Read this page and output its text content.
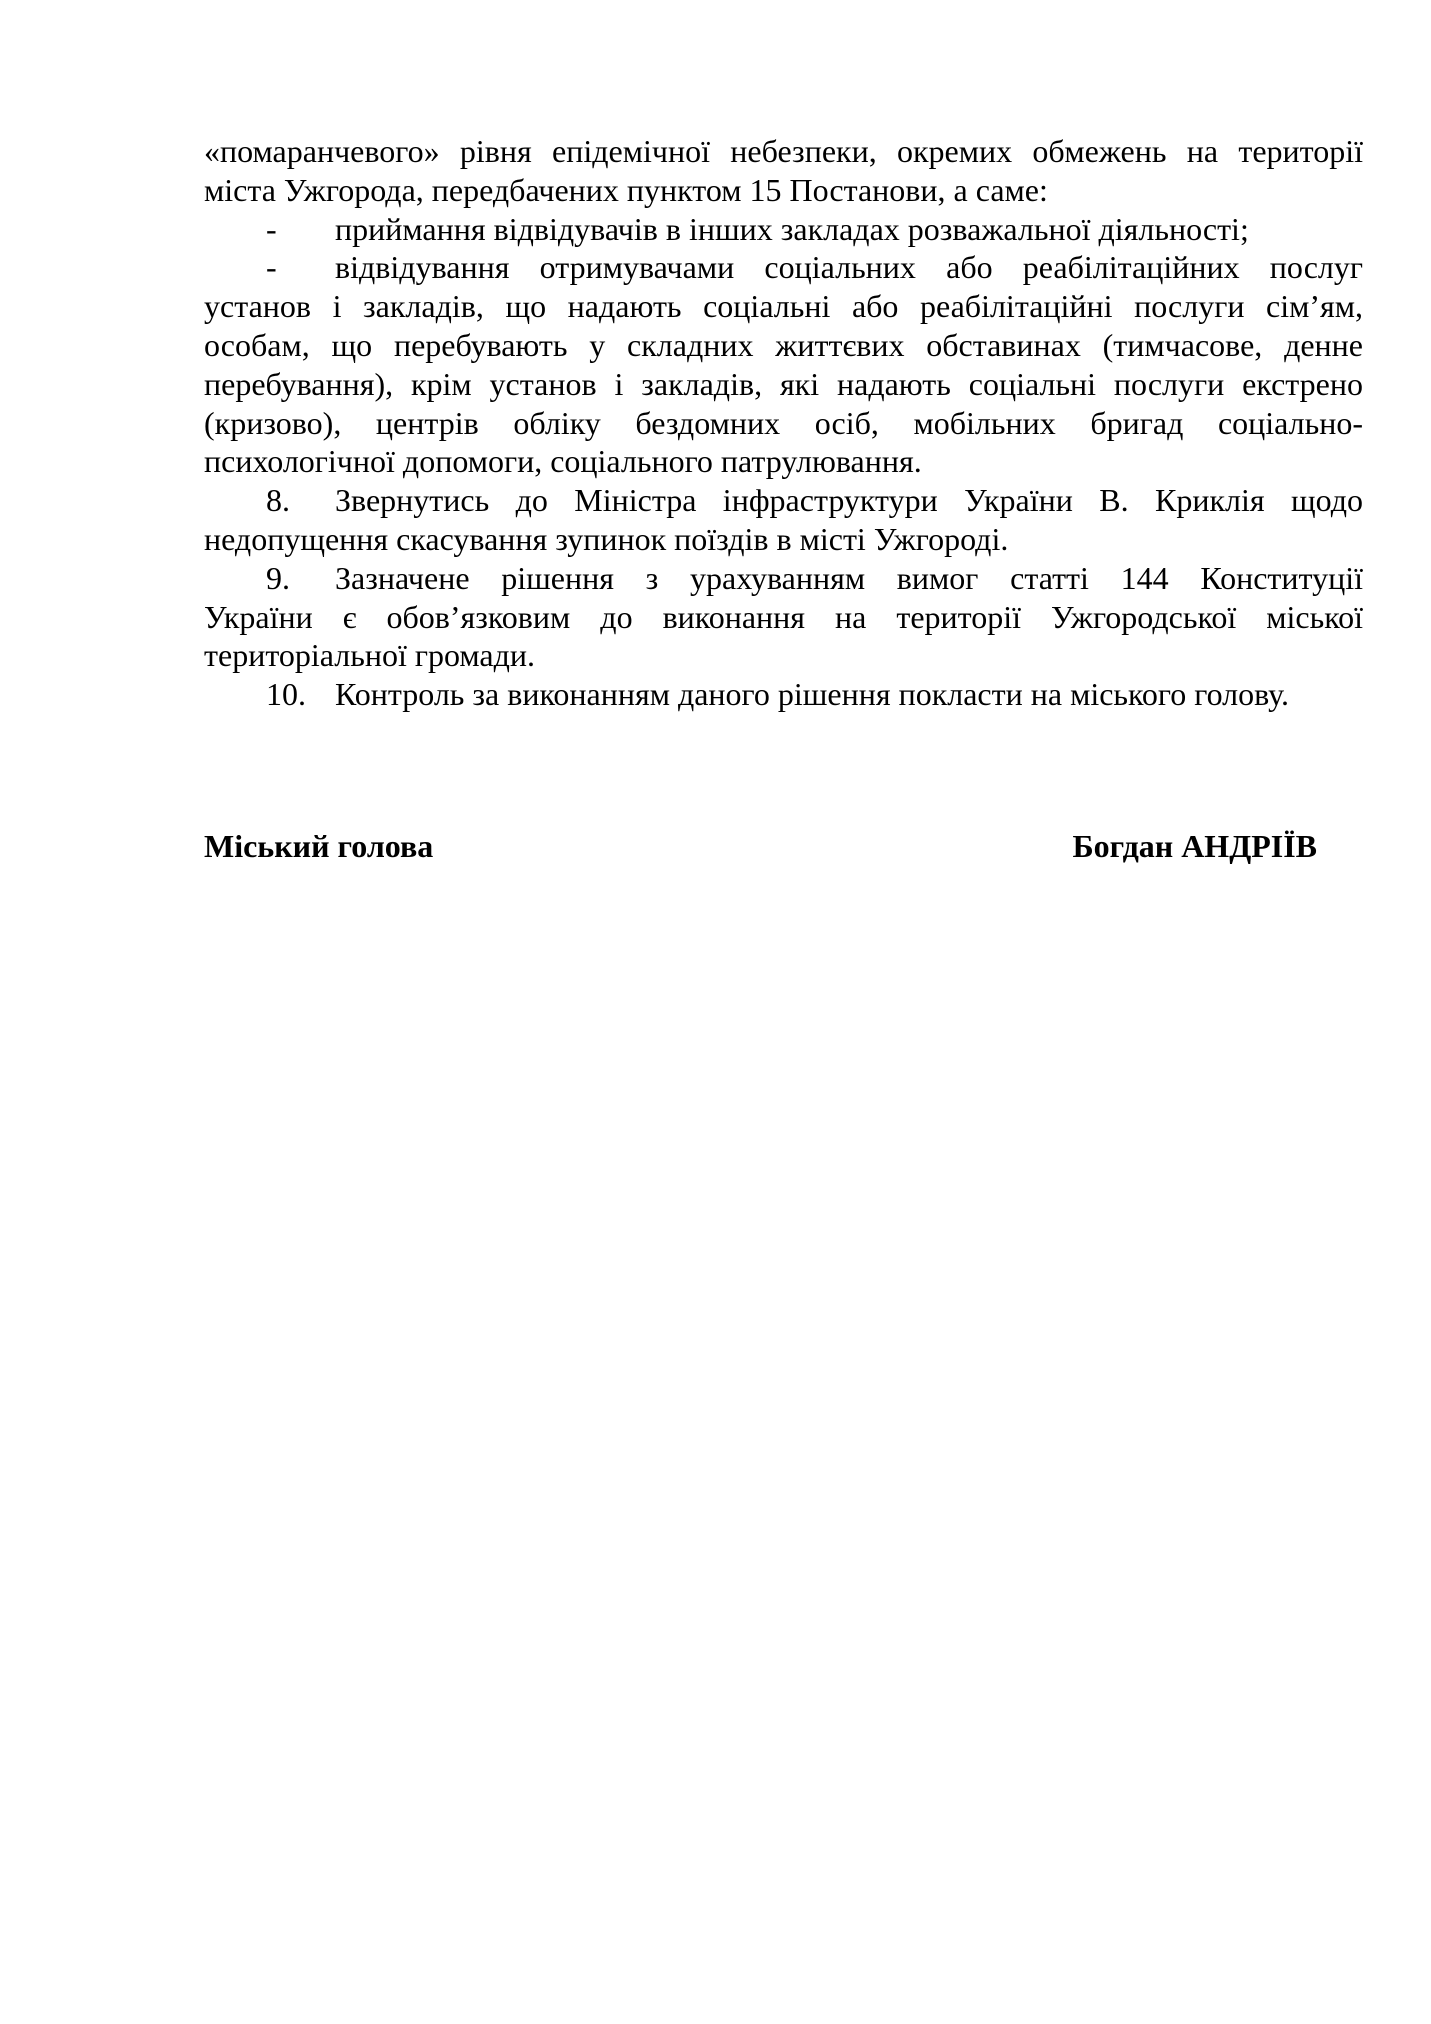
«помаранчевого» рівня епідемічної небезпеки, окремих обмежень на території
міста Ужгорода, передбачених пунктом 15 Постанови, а саме:
- приймання відвідувачів в інших закладах розважальної діяльності;
- відвідування отримувачами соціальних або реабілітаційних послуг
установ і закладів, що надають соціальні або реабілітаційні послуги сім’ям,
особам, що перебувають у складних життєвих обставинах (тимчасове, денне
перебування), крім установ і закладів, які надають соціальні послуги екстрено
(кризово), центрів обліку бездомних осіб, мобільних бригад соціально-
психологічної допомоги, соціального патрулювання.
8. Звернутись до Міністра інфраструктури України В. Криклія щодо
недопущення скасування зупинок поїздів в місті Ужгороді.
9. Зазначене рішення з урахуванням вимог статті 144 Конституції
України є обов’язковим до виконання на території Ужгородської міської
територіальної громади.
10. Контроль за виконанням даного рішення покласти на міського голову.
Міський голова	Богдан АНДРІЇВ
